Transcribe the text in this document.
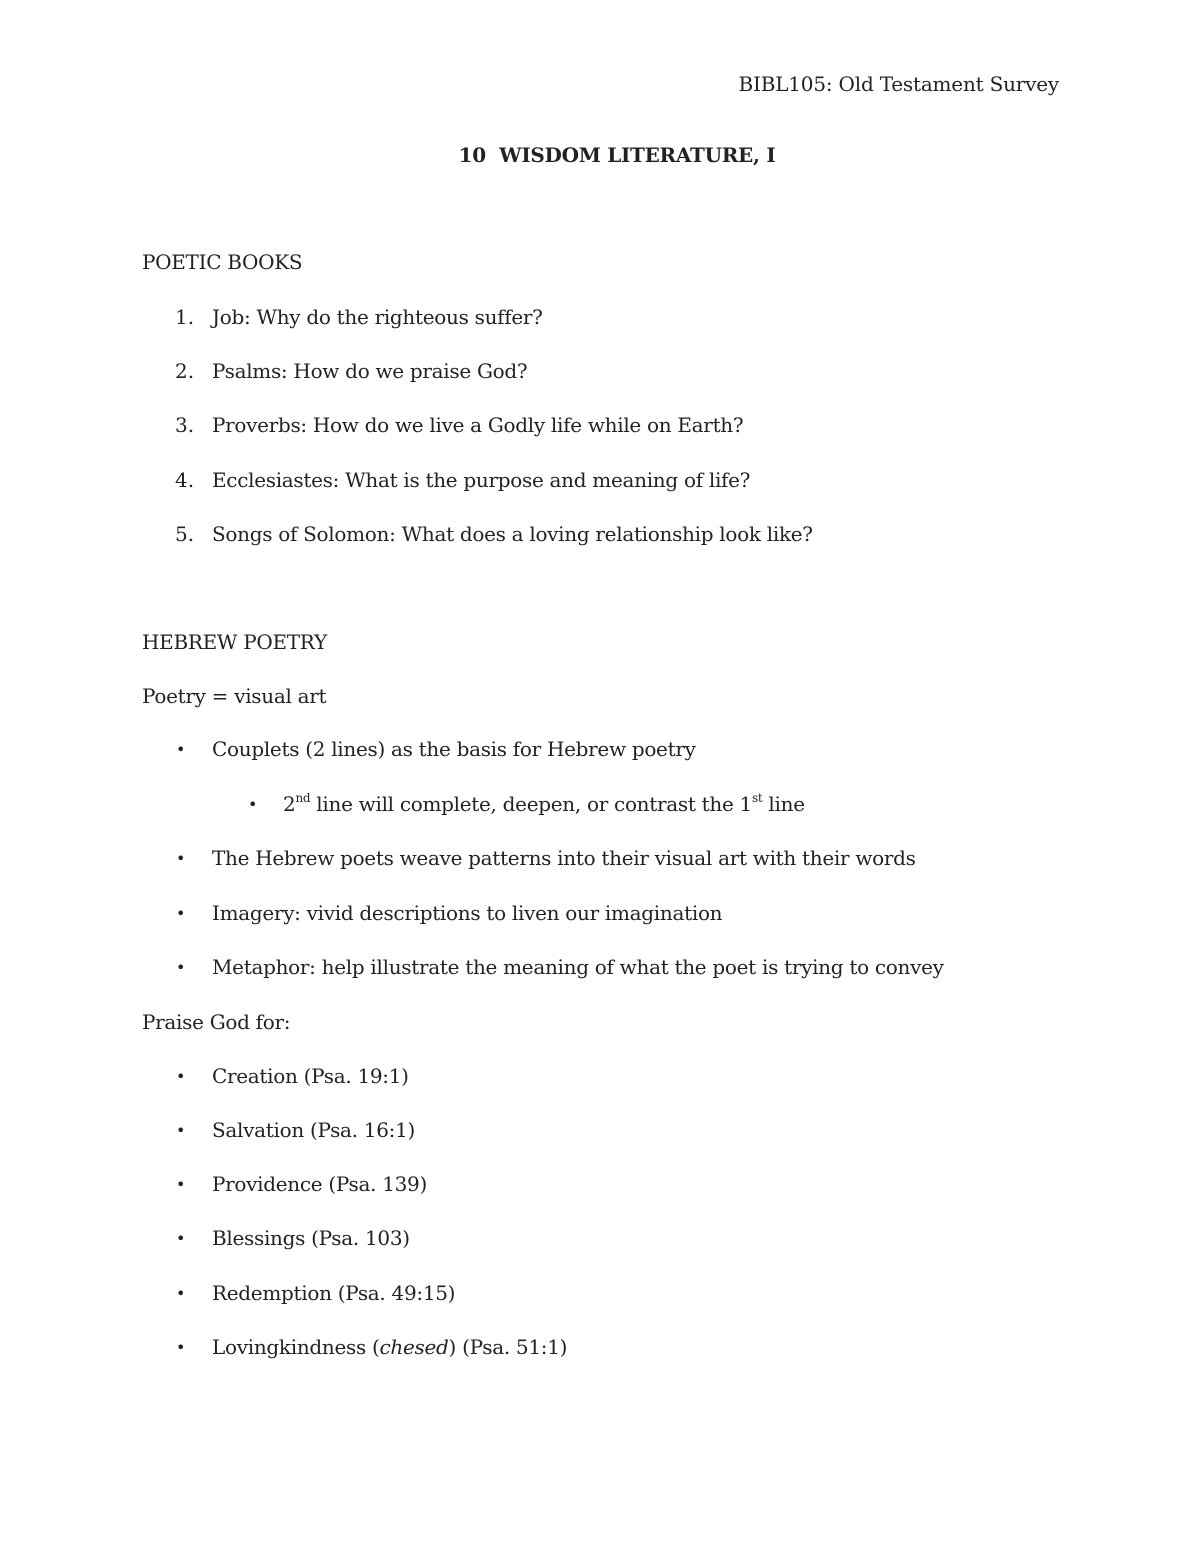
BIBL105: Old Testament Survey
10  WISDOM LITERATURE, I
POETIC BOOKS
1. Job: Why do the righteous suffer?
2. Psalms: How do we praise God?
3. Proverbs: How do we live a Godly life while on Earth?
4. Ecclesiastes: What is the purpose and meaning of life?
5. Songs of Solomon: What does a loving relationship look like?
HEBREW POETRY
Poetry = visual art
• Couplets (2 lines) as the basis for Hebrew poetry
• 2nd line will complete, deepen, or contrast the 1st line
• The Hebrew poets weave patterns into their visual art with their words
• Imagery: vivid descriptions to liven our imagination
• Metaphor: help illustrate the meaning of what the poet is trying to convey
Praise God for:
• Creation (Psa. 19:1)
• Salvation (Psa. 16:1)
• Providence (Psa. 139)
• Blessings (Psa. 103)
• Redemption (Psa. 49:15)
• Lovingkindness (chesed) (Psa. 51:1)
